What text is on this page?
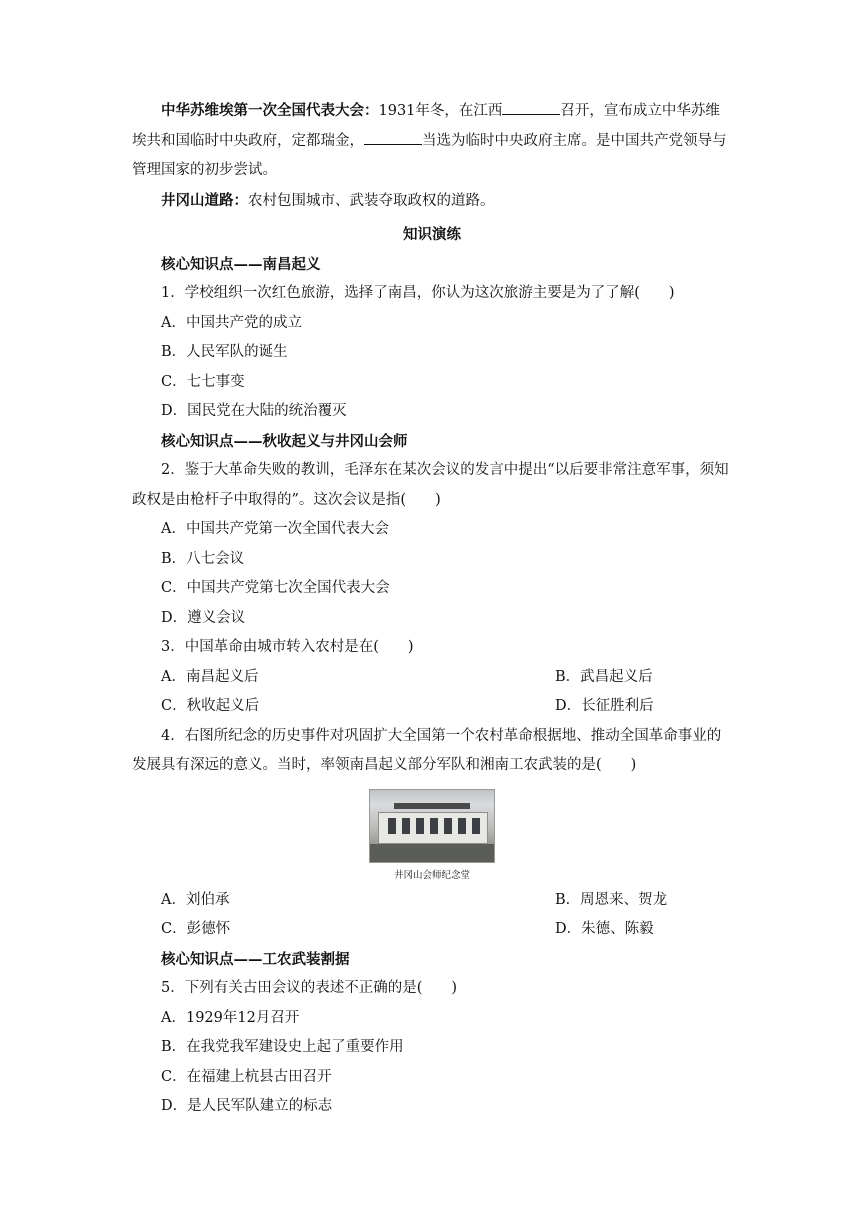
中华苏维埃第一次全国代表大会：1931年冬，在江西	召开，宣布成立中华苏维埃共和国临时中央政府，定都瑞金，	当选为临时中央政府主席。是中国共产党领导与管理国家的初步尝试。

井冈山道路：农村包围城市、武装夺取政权的道路。

知识演练

核心知识点——南昌起义

1．学校组织一次红色旅游，选择了南昌，你认为这次旅游主要是为了了解(　　)

A．中国共产党的成立

B．人民军队的诞生

C．七七事变

D．国民党在大陆的统治覆灭

核心知识点——秋收起义与井冈山会师

2．鉴于大革命失败的教训，毛泽东在某次会议的发言中提出“以后要非常注意军事，须知政权是由枪杆子中取得的”。这次会议是指(　　)

A．中国共产党第一次全国代表大会

B．八七会议

C．中国共产党第七次全国代表大会

D．遵义会议

3．中国革命由城市转入农村是在(　　)

A．南昌起义后	B．武昌起义后
C．秋收起义后	D．长征胜利后

4．右图所纪念的历史事件对巩固扩大全国第一个农村革命根据地、推动全国革命事业的发展具有深远的意义。当时，率领南昌起义部分军队和湘南工农武装的是(　　)

井冈山会师纪念堂
A．刘伯承	B．周恩来、贺龙
C．彭德怀	D．朱德、陈毅

核心知识点——工农武装割据

5．下列有关古田会议的表述不正确的是(　　)

A．1929年12月召开

B．在我党我军建设史上起了重要作用

C．在福建上杭县古田召开

D．是人民军队建立的标志
